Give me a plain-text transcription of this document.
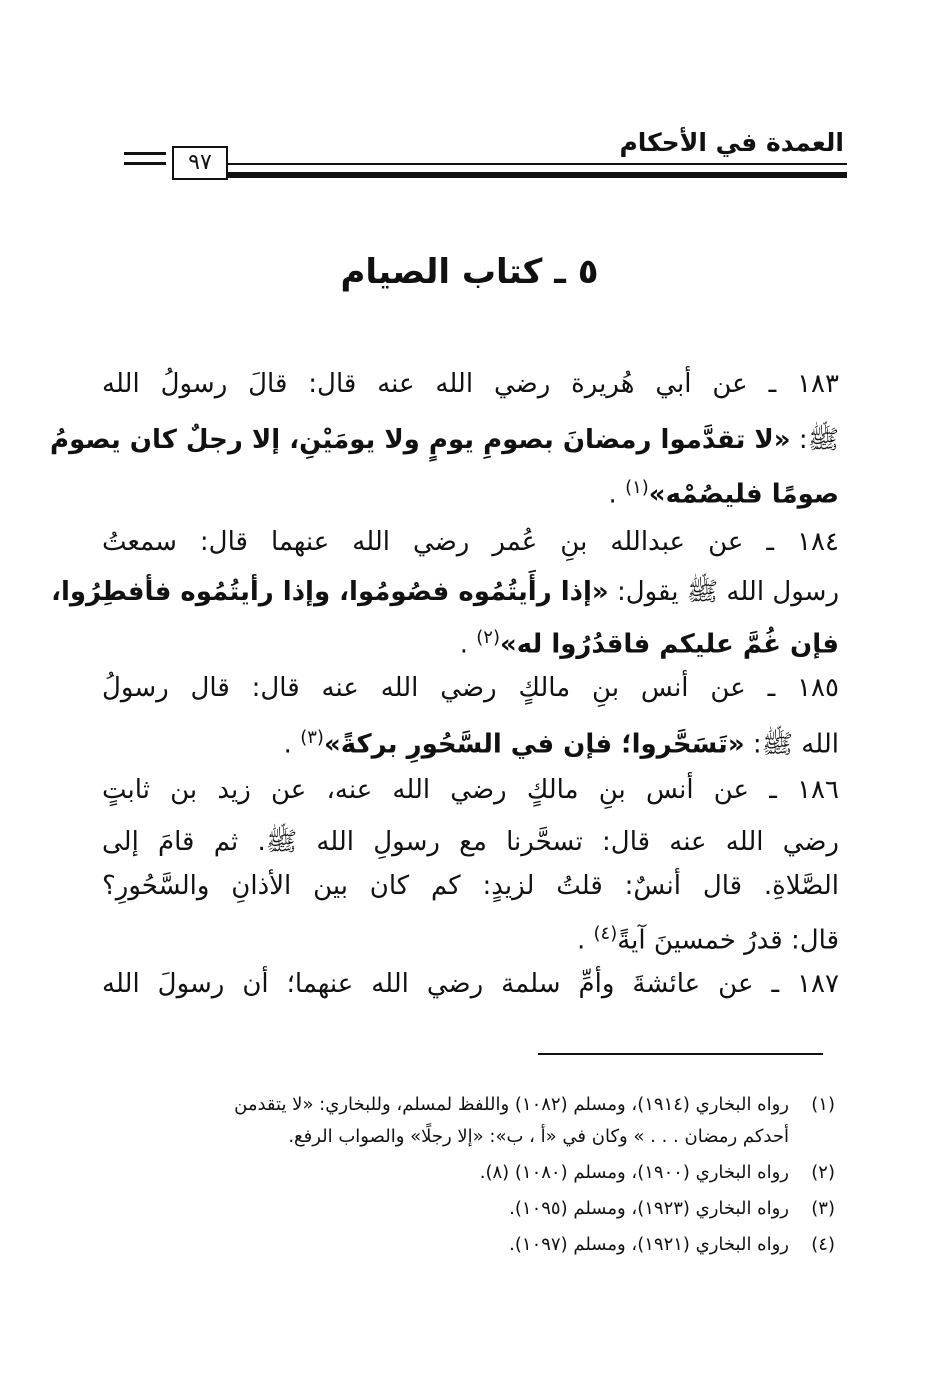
العمدة في الأحكام
٩٧
٥ ـ كتاب الصيام
١٨٣ ـ عن أبي هُريرة رضي الله عنه قال: قالَ رسولُ الله
ﷺ: «لا تقدَّموا رمضانَ بصومِ يومٍ ولا يومَيْنِ، إلا رجلٌ كان يصومُ
صومًا فليصُمْه»$^{(١)}$ .
١٨٤ ـ عن عبدالله بنِ عُمر رضي الله عنهما قال: سمعتُ
رسول الله ﷺ يقول: «إذا رأَيتُمُوه فصُومُوا، وإذا رأيتُمُوه فأفطِرُوا،
فإن غُمَّ عليكم فاقدُرُوا له»$^{(٢)}$ .
١٨٥ ـ عن أنس بنِ مالكٍ رضي الله عنه قال: قال رسولُ
الله ﷺ: «تَسَحَّروا؛ فإن في السَّحُورِ بركةً»$^{(٣)}$ .
١٨٦ ـ عن أنس بنِ مالكٍ رضي الله عنه، عن زيد بن ثابتٍ
رضي الله عنه قال: تسحَّرنا مع رسولِ الله ﷺ. ثم قامَ إلى
الصَّلاةِ. قال أنسٌ: قلتُ لزيدٍ: كم كان بين الأذانِ والسَّحُورِ؟
قال: قدرُ خمسينَ آيةً$^{(٤)}$ .
١٨٧ ـ عن عائشةَ وأمِّ سلمة رضي الله عنهما؛ أن رسولَ الله
(١)رواه البخاري (١٩١٤)، ومسلم (١٠٨٢) واللفظ لمسلم، وللبخاري: «لا يتقدمن
أحدكم رمضان . . . » وكان في «أ ، ب»: «إلا رجلًا» والصواب الرفع.
(٢)رواه البخاري (١٩٠٠)، ومسلم (١٠٨٠) (٨).
(٣)رواه البخاري (١٩٢٣)، ومسلم (١٠٩٥).
(٤)رواه البخاري (١٩٢١)، ومسلم (١٠٩٧).
